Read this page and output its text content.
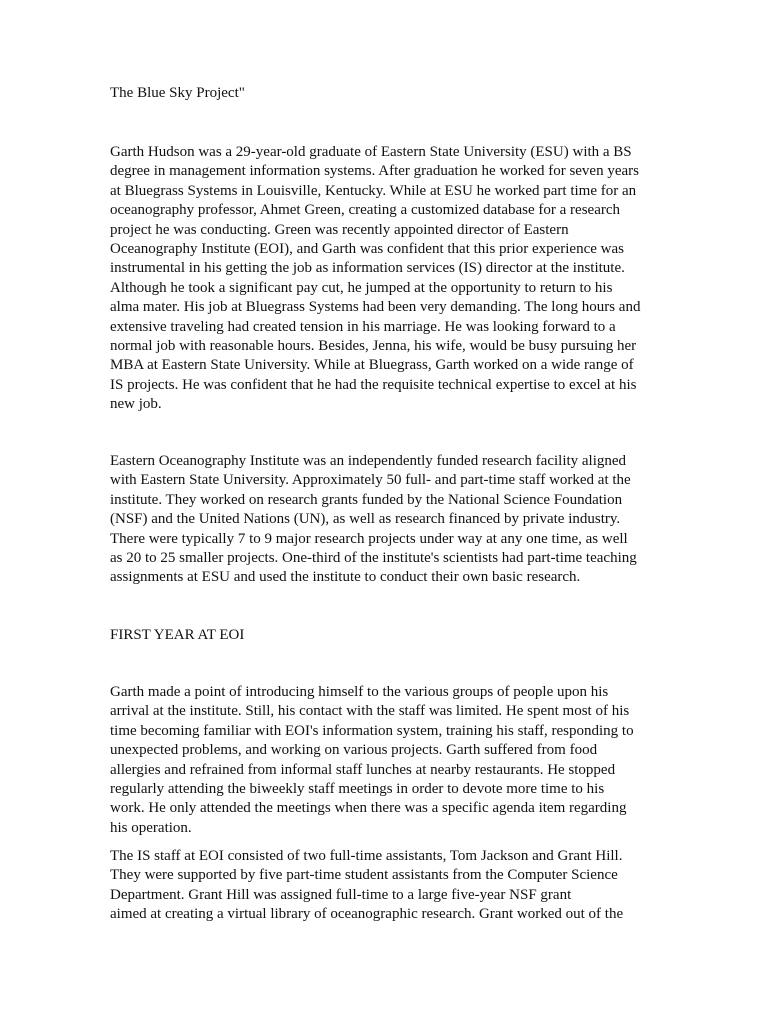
The Blue Sky Project"
Garth Hudson was a 29-year-old graduate of Eastern State University (ESU) with a BS
degree in management information systems. After graduation he worked for seven years
at Bluegrass Systems in Louisville, Kentucky. While at ESU he worked part time for an
oceanography professor, Ahmet Green, creating a customized database for a research
project he was conducting. Green was recently appointed director of Eastern
Oceanography Institute (EOI), and Garth was confident that this prior experience was
instrumental in his getting the job as information services (IS) director at the institute.
Although he took a significant pay cut, he jumped at the opportunity to return to his
alma mater. His job at Bluegrass Systems had been very demanding. The long hours and
extensive traveling had created tension in his marriage. He was looking forward to a
normal job with reasonable hours. Besides, Jenna, his wife, would be busy pursuing her
MBA at Eastern State University. While at Bluegrass, Garth worked on a wide range of
IS projects. He was confident that he had the requisite technical expertise to excel at his
new job.
Eastern Oceanography Institute was an independently funded research facility aligned
with Eastern State University. Approximately 50 full- and part-time staff worked at the
institute. They worked on research grants funded by the National Science Foundation
(NSF) and the United Nations (UN), as well as research financed by private industry.
There were typically 7 to 9 major research projects under way at any one time, as well
as 20 to 25 smaller projects. One-third of the institute's scientists had part-time teaching
assignments at ESU and used the institute to conduct their own basic research.
FIRST YEAR AT EOI
Garth made a point of introducing himself to the various groups of people upon his
arrival at the institute. Still, his contact with the staff was limited. He spent most of his
time becoming familiar with EOI's information system, training his staff, responding to
unexpected problems, and working on various projects. Garth suffered from food
allergies and refrained from informal staff lunches at nearby restaurants. He stopped
regularly attending the biweekly staff meetings in order to devote more time to his
work. He only attended the meetings when there was a specific agenda item regarding
his operation.
The IS staff at EOI consisted of two full-time assistants, Tom Jackson and Grant Hill.
They were supported by five part-time student assistants from the Computer Science
Department. Grant Hill was assigned full-time to a large five-year NSF grant
aimed at creating a virtual library of oceanographic research. Grant worked out of the
